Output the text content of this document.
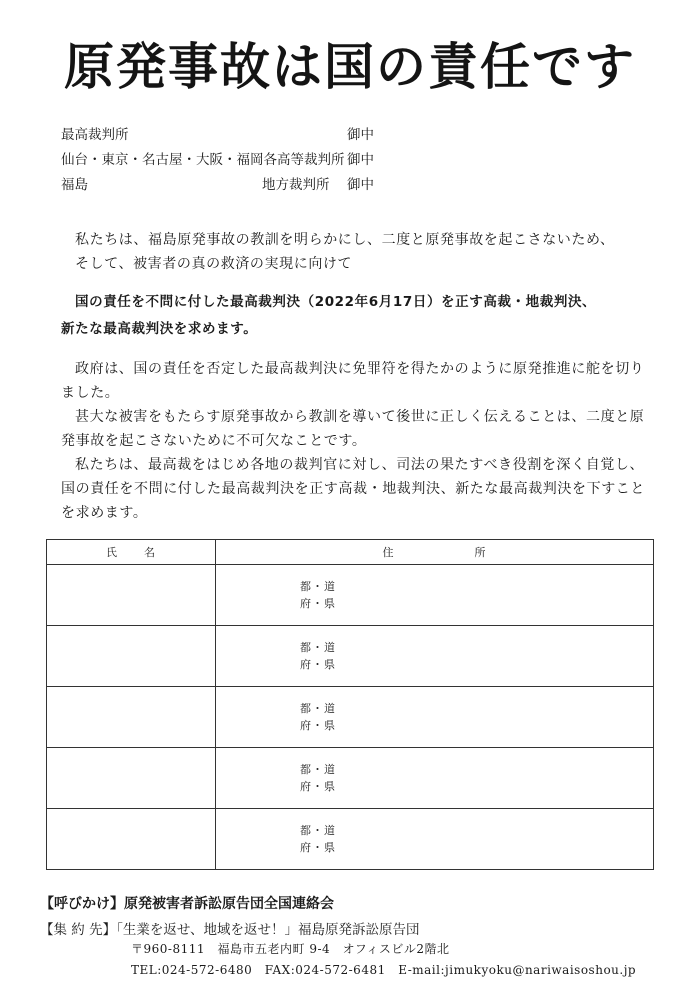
原発事故は国の責任です
最高裁判所	御中
仙台・東京・名古屋・大阪・福岡各高等裁判所 御中
福島	地方裁判所 御中

私たちは、福島原発事故の教訓を明らかにし、二度と原発事故を起こさないため、

そして、被害者の真の救済の実現に向けて

国の責任を不問に付した最高裁判決（2022年6月17日）を正す高裁・地裁判決、

新たな最高裁判決を求めます。

政府は、国の責任を否定した最高裁判決に免罪符を得たかのように原発推進に舵を切りました。

甚大な被害をもたらす原発事故から教訓を導いて後世に正しく伝えることは、二度と原発事故を起こさないために不可欠なことです。

私たちは、最高裁をはじめ各地の裁判官に対し、司法の果たすべき役割を深く自覚し、国の責任を不問に付した最高裁判決を正す高裁・地裁判決、新たな最高裁判決を下すことを求めます。

氏 名	住 所

	都・道
府・県

	都・道
府・県

	都・道
府・県

	都・道
府・県

	都・道
府・県
【呼びかけ】原発被害者訴訟原告団全国連絡会
【集 約 先】「生業を返せ、地域を返せ！」福島原発訴訟原告団
〒960-8111　福島市五老内町 9-4　オフィスビル2階北
TEL:024-572-6480　FAX:024-572-6481　E-mail:jimukyoku@nariwaisoshou.jp
